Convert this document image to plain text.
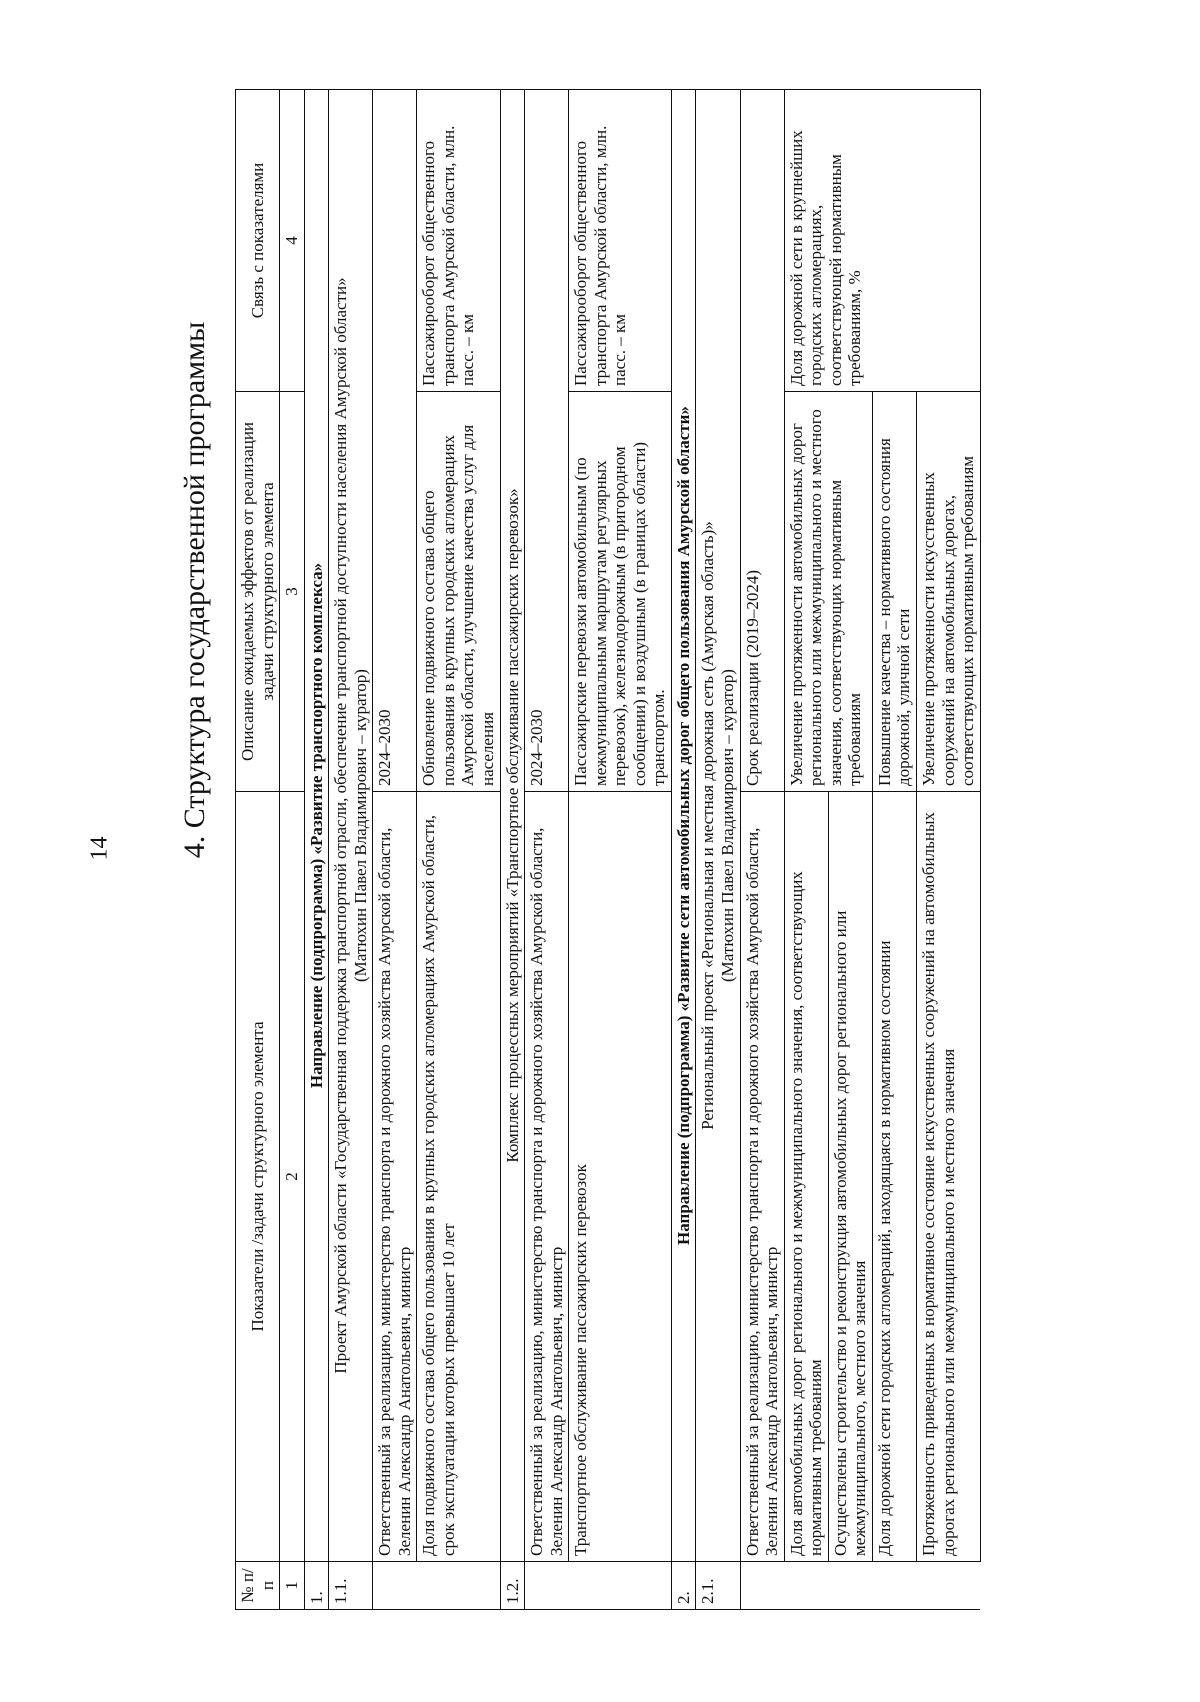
14 4. Структура государственной программы
№ п/п	Показатели /задачи структурного элемента	Описание ожидаемых эффектов от реализации задачи структурного элемента	Связь с показателями
1	2	3	4
1.	Направление (подпрограмма) «Развитие транспортного комплекса»		
1.1.	Проект Амурской области «Государственная поддержка транспортной отрасли, обеспечение транспортной доступности населения Амурской области» (Матюхин Павел Владимирович – куратор)		

	Ответственный за реализацию, министерство транспорта и дорожного хозяйства Амурской области, Зеленин Александр Анатольевич, министр	2024–2030	
	Доля подвижного состава общего пользования в крупных городских агломерациях Амурской области, срок эксплуатации которых превышает 10 лет	Обновление подвижного состава общего пользования в крупных городских агломерациях Амурской области, улучшение качества услуг для населения	Пассажирооборот общественного транспорта Амурской области, млн. пасс. – км
1.2.	Комплекс процессных мероприятий «Транспортное обслуживание пассажирских перевозок»		
	Ответственный за реализацию, министерство транспорта и дорожного хозяйства Амурской области, Зеленин Александр Анатольевич, министр	2024–2030	
	Транспортное обслуживание пассажирских перевозок	Пассажирские перевозки автомобильным (по межмуниципальным маршрутам регулярных перевозок), железнодорожным (в пригородном сообщении) и воздушным (в границах области) транспортом.	Пассажирооборот общественного транспорта Амурской области, млн. пасс. – км
2.	Направление (подпрограмма) «Развитие сети автомобильных дорог общего пользования Амурской области»		
2.1.	Региональный проект «Региональная и местная дорожная сеть (Амурская область)» (Матюхин Павел Владимирович – куратор)		

	Ответственный за реализацию, министерство транспорта и дорожного хозяйства Амурской области, Зеленин Александр Анатольевич, министр	Срок реализации (2019–2024)	
	Доля автомобильных дорог регионального и межмуниципального значения, соответствующих нормативным требованиям	Увеличение протяженности автомобильных дорог регионального или межмуниципального и местного значения, соответствующих нормативным требованиям	Доля дорожной сети в крупнейших городских агломерациях, соответствующей нормативным требованиям, %
	Осуществлены строительство и реконструкция автомобильных дорог регионального или межмуниципального, местного значения		
	Доля дорожной сети городских агломераций, находящаяся в нормативном состоянии	Повышение качества – нормативного состояния дорожной, уличной сети	
	Протяженность приведенных в нормативное состояние искусственных сооружений на автомобильных дорогах регионального или межмуниципального и местного значения	Увеличение протяженности искусственных сооружений на автомобильных дорогах, соответствующих нормативным требованиям	
